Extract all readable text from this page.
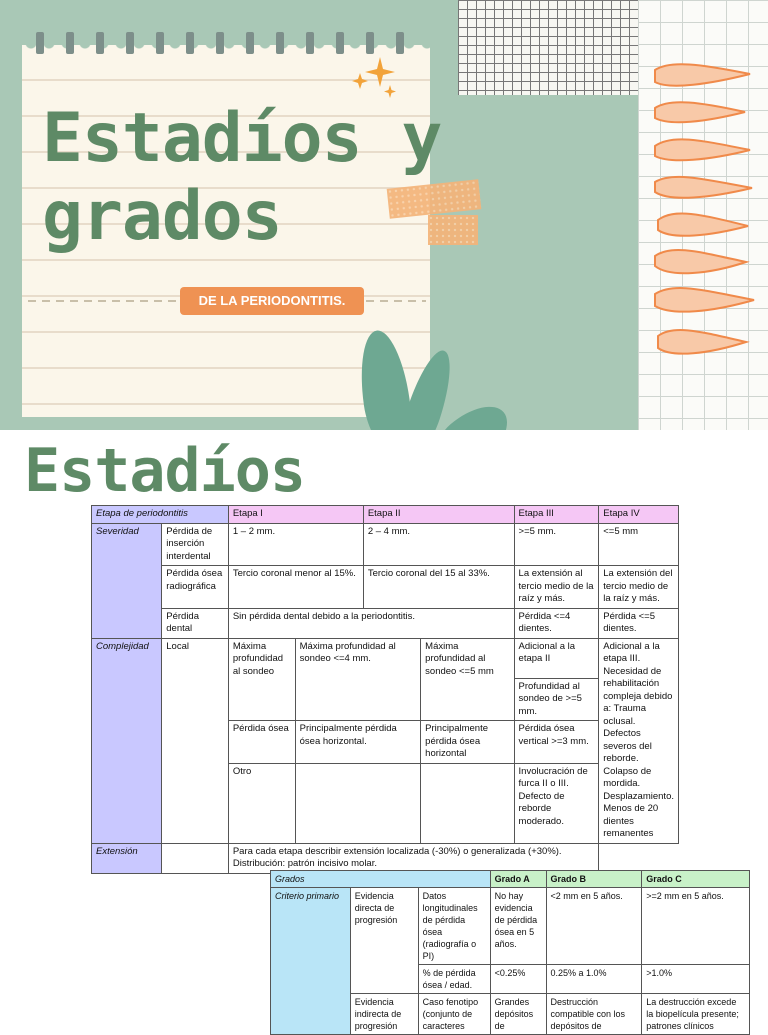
Estadíos y
grados
DE LA PERIODONTITIS.
Estadíos
Etapa de periodontitis		Etapa I		Etapa II		Etapa III	Etapa IV
Severidad	Pérdida de inserción interdental	1 – 2 mm.		2 – 4 mm.		>=5 mm.	<=5 mm
	Pérdida ósea radiográfica	Tercio coronal menor al 15%.		Tercio coronal del 15 al 33%.		La extensión al tercio medio de la raíz y más.	La extensión del tercio medio de la raíz y más.
	Pérdida dental	Sin pérdida dental debido a la periodontitis.				Pérdida <=4 dientes.	Pérdida <=5 dientes.
Complejidad	Local	Máxima profundidad al sondeo	Máxima profundidad al sondeo <=4 mm.		Máxima profundidad al sondeo <=5 mm	Adicional a la etapa II	Adicional a la etapa III. Necesidad de rehabilitación compleja debido a: Trauma oclusal. Defectos severos del reborde. Colapso de mordida. Desplazamiento. Menos de 20 dientes remanentes
						Profundidad al sondeo de >=5 mm.	
		Pérdida ósea	Principalmente pérdida ósea horizontal.		Principalmente pérdida ósea horizontal	Pérdida ósea vertical >=3 mm.	
		Otro				Involucración de furca II o III. Defecto de reborde moderado.	
Extensión		Para cada etapa describir extensión localizada (-30%) o generalizada (+30%). Distribución: patrón incisivo molar.					
Grados			Grado A	Grado B	Grado C
Criterio primario	Evidencia directa de progresión	Datos longitudinales de pérdida ósea (radiografía o PI)	No hay evidencia de pérdida ósea en 5 años.	<2 mm en 5 años.	>=2 mm en 5 años.
		% de pérdida ósea / edad.	<0.25%	0.25% a 1.0%	>1.0%
	Evidencia indirecta de progresión	Caso fenotipo (conjunto de caracteres	Grandes depósitos de	Destrucción compatible con los depósitos de	La destrucción excede la biopelícula presente; patrones clínicos
